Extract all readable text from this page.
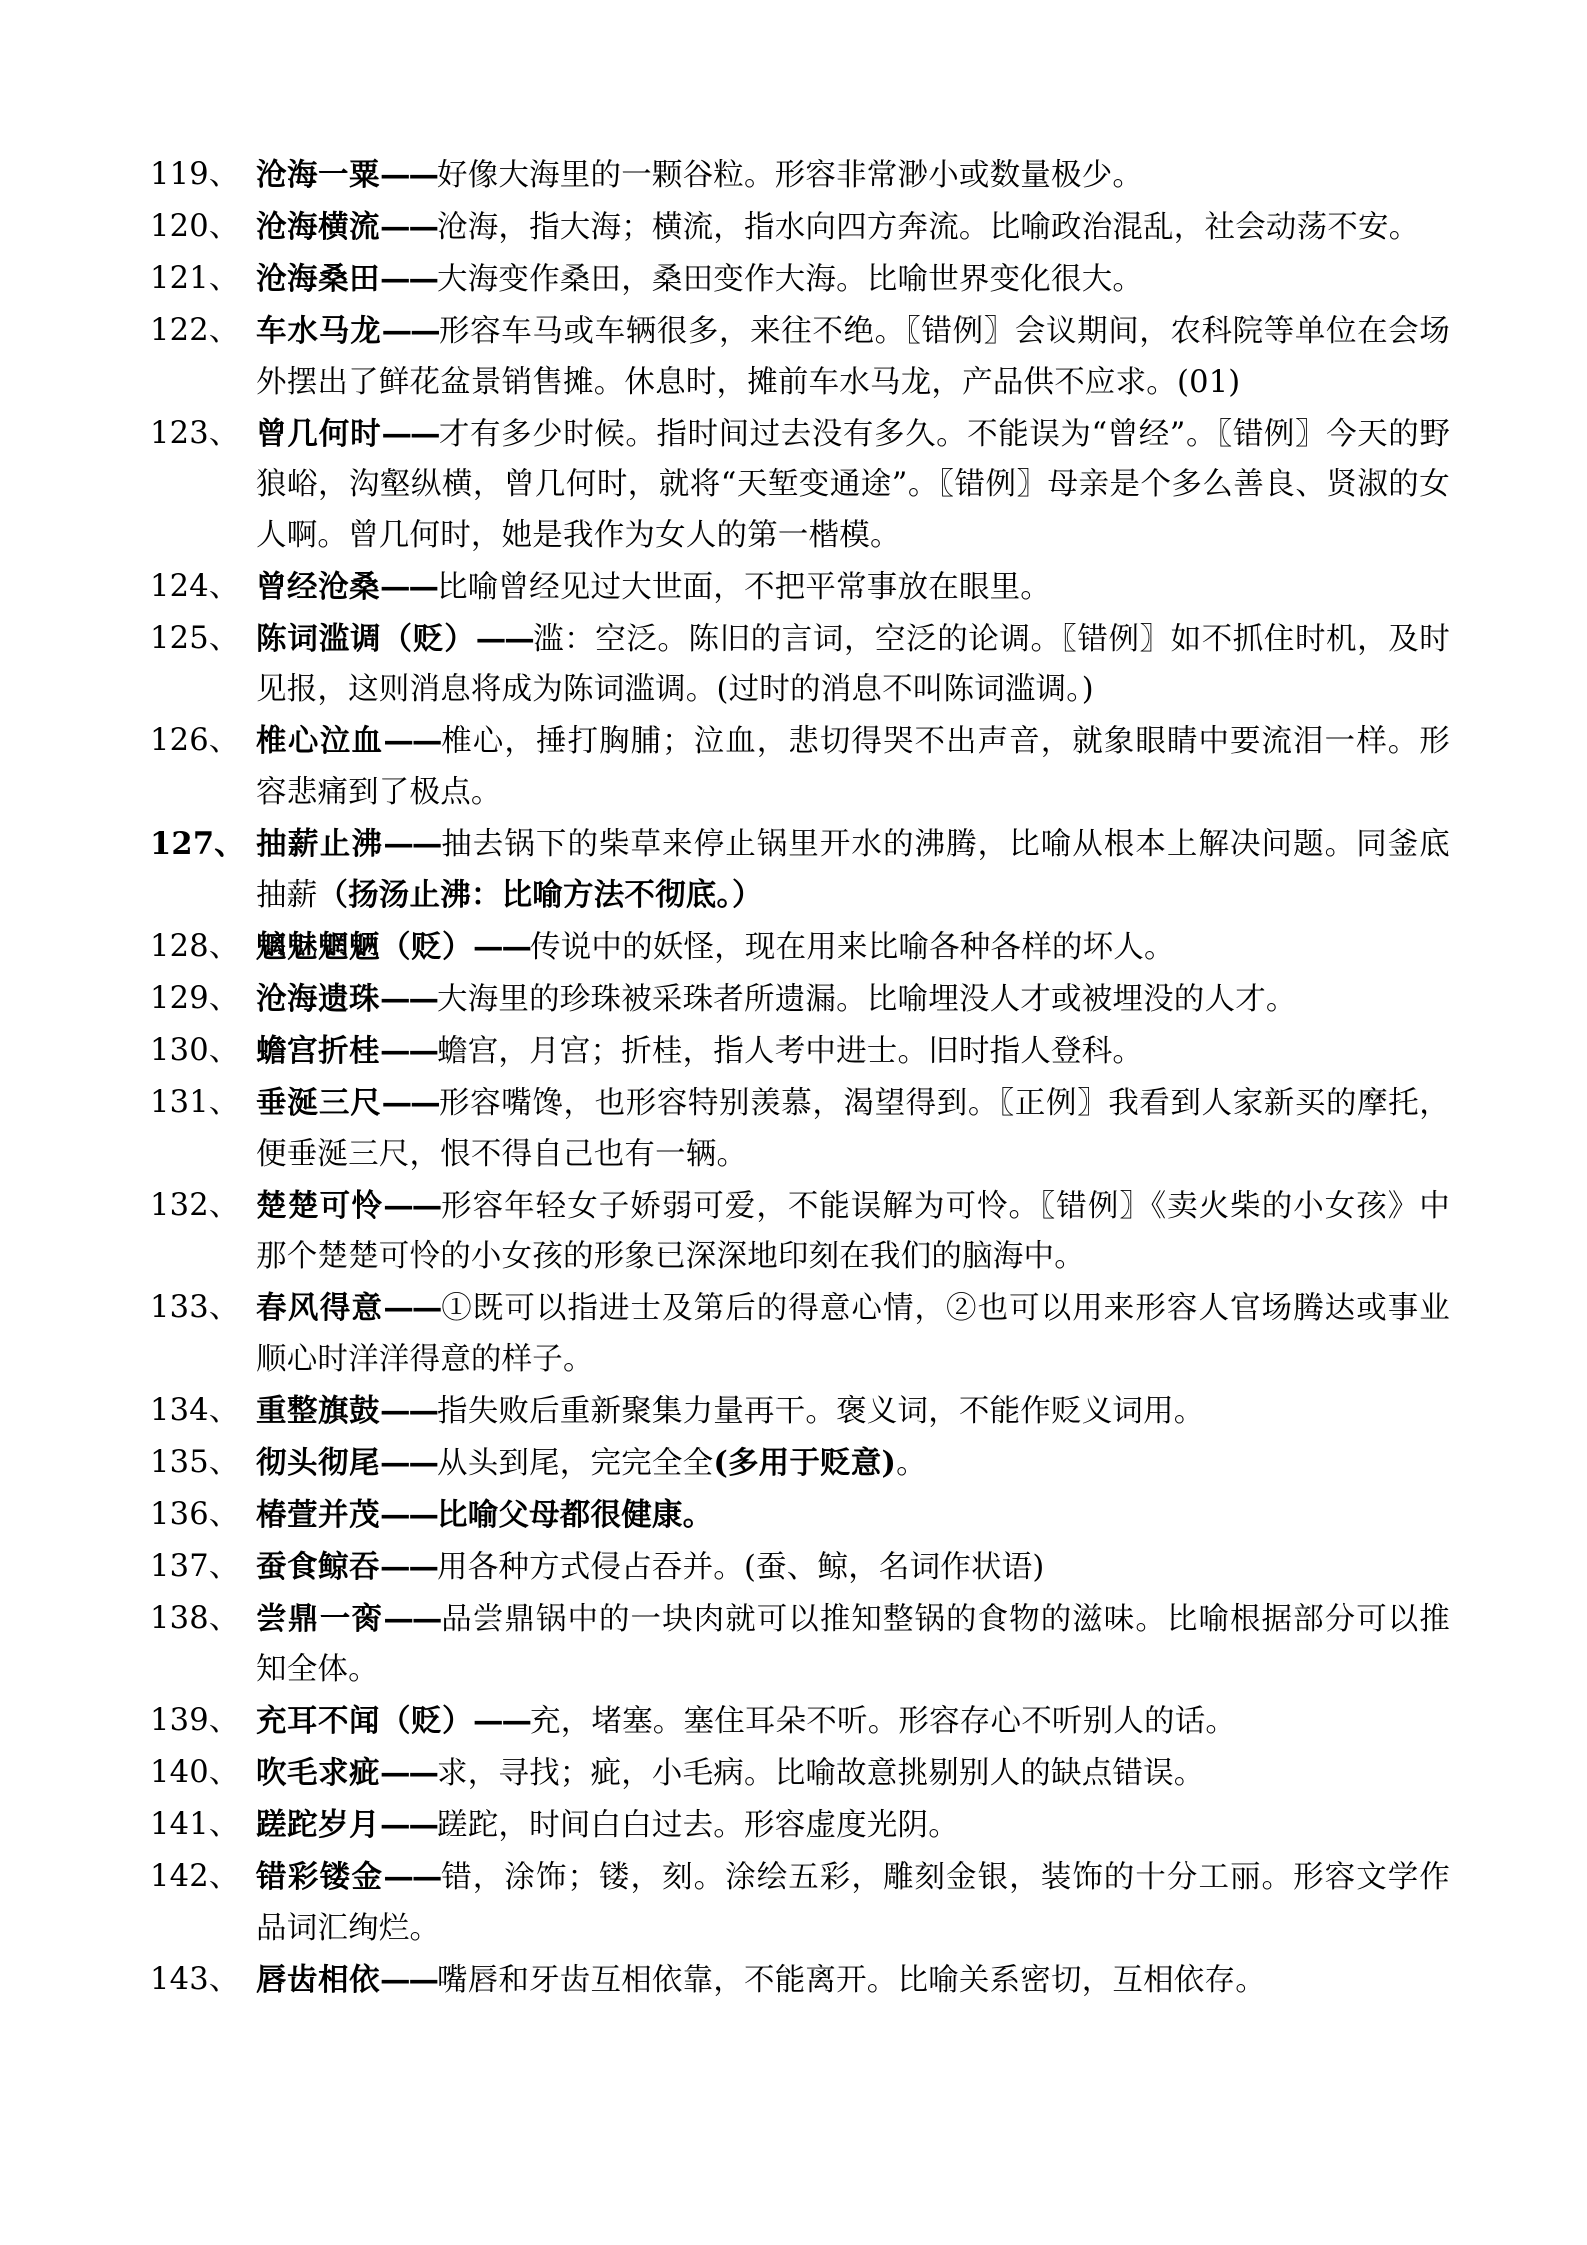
119、 沧海一粟——好像大海里的一颗谷粒。形容非常渺小或数量极少。
120、 沧海横流——沧海，指大海；横流，指水向四方奔流。比喻政治混乱，社会动荡不安。
121、 沧海桑田——大海变作桑田，桑田变作大海。比喻世界变化很大。
122、 车水马龙——形容车马或车辆很多，来往不绝。〖错例〗会议期间，农科院等单位在会场外摆出了鲜花盆景销售摊。休息时，摊前车水马龙，产品供不应求。(01)
123、 曾几何时——才有多少时候。指时间过去没有多久。不能误为“曾经”。〖错例〗今天的野狼峪，沟壑纵横，曾几何时，就将“天堑变通途”。〖错例〗母亲是个多么善良、贤淑的女人啊。曾几何时，她是我作为女人的第一楷模。
124、 曾经沧桑——比喻曾经见过大世面，不把平常事放在眼里。
125、 陈词滥调（贬）——滥：空泛。陈旧的言词，空泛的论调。〖错例〗如不抓住时机，及时见报，这则消息将成为陈词滥调。(过时的消息不叫陈词滥调。)
126、 椎心泣血——椎心，捶打胸脯；泣血，悲切得哭不出声音，就象眼睛中要流泪一样。形容悲痛到了极点。
127、 抽薪止沸——抽去锅下的柴草来停止锅里开水的沸腾，比喻从根本上解决问题。同釜底抽薪（扬汤止沸：比喻方法不彻底。）
128、 魑魅魍魉（贬）——传说中的妖怪，现在用来比喻各种各样的坏人。
129、 沧海遗珠——大海里的珍珠被采珠者所遗漏。比喻埋没人才或被埋没的人才。
130、 蟾宫折桂——蟾宫，月宫；折桂，指人考中进士。旧时指人登科。
131、 垂涎三尺——形容嘴馋，也形容特别羡慕，渴望得到。〖正例〗我看到人家新买的摩托，便垂涎三尺，恨不得自己也有一辆。
132、 楚楚可怜——形容年轻女子娇弱可爱，不能误解为可怜。〖错例〗《卖火柴的小女孩》中那个楚楚可怜的小女孩的形象已深深地印刻在我们的脑海中。
133、 春风得意——①既可以指进士及第后的得意心情，②也可以用来形容人官场腾达或事业顺心时洋洋得意的样子。
134、 重整旗鼓——指失败后重新聚集力量再干。褒义词，不能作贬义词用。
135、 彻头彻尾——从头到尾，完完全全(多用于贬意)。
136、 椿萱并茂——比喻父母都很健康。
137、 蚕食鲸吞——用各种方式侵占吞并。(蚕、鲸，名词作状语)
138、 尝鼎一脔——品尝鼎锅中的一块肉就可以推知整锅的食物的滋味。比喻根据部分可以推知全体。
139、 充耳不闻（贬）——充，堵塞。塞住耳朵不听。形容存心不听别人的话。
140、 吹毛求疵——求，寻找；疵，小毛病。比喻故意挑剔别人的缺点错误。
141、 蹉跎岁月——蹉跎，时间白白过去。形容虚度光阴。
142、 错彩镂金——错，涂饰；镂，刻。涂绘五彩，雕刻金银，装饰的十分工丽。形容文学作品词汇绚烂。
143、 唇齿相依——嘴唇和牙齿互相依靠，不能离开。比喻关系密切，互相依存。
